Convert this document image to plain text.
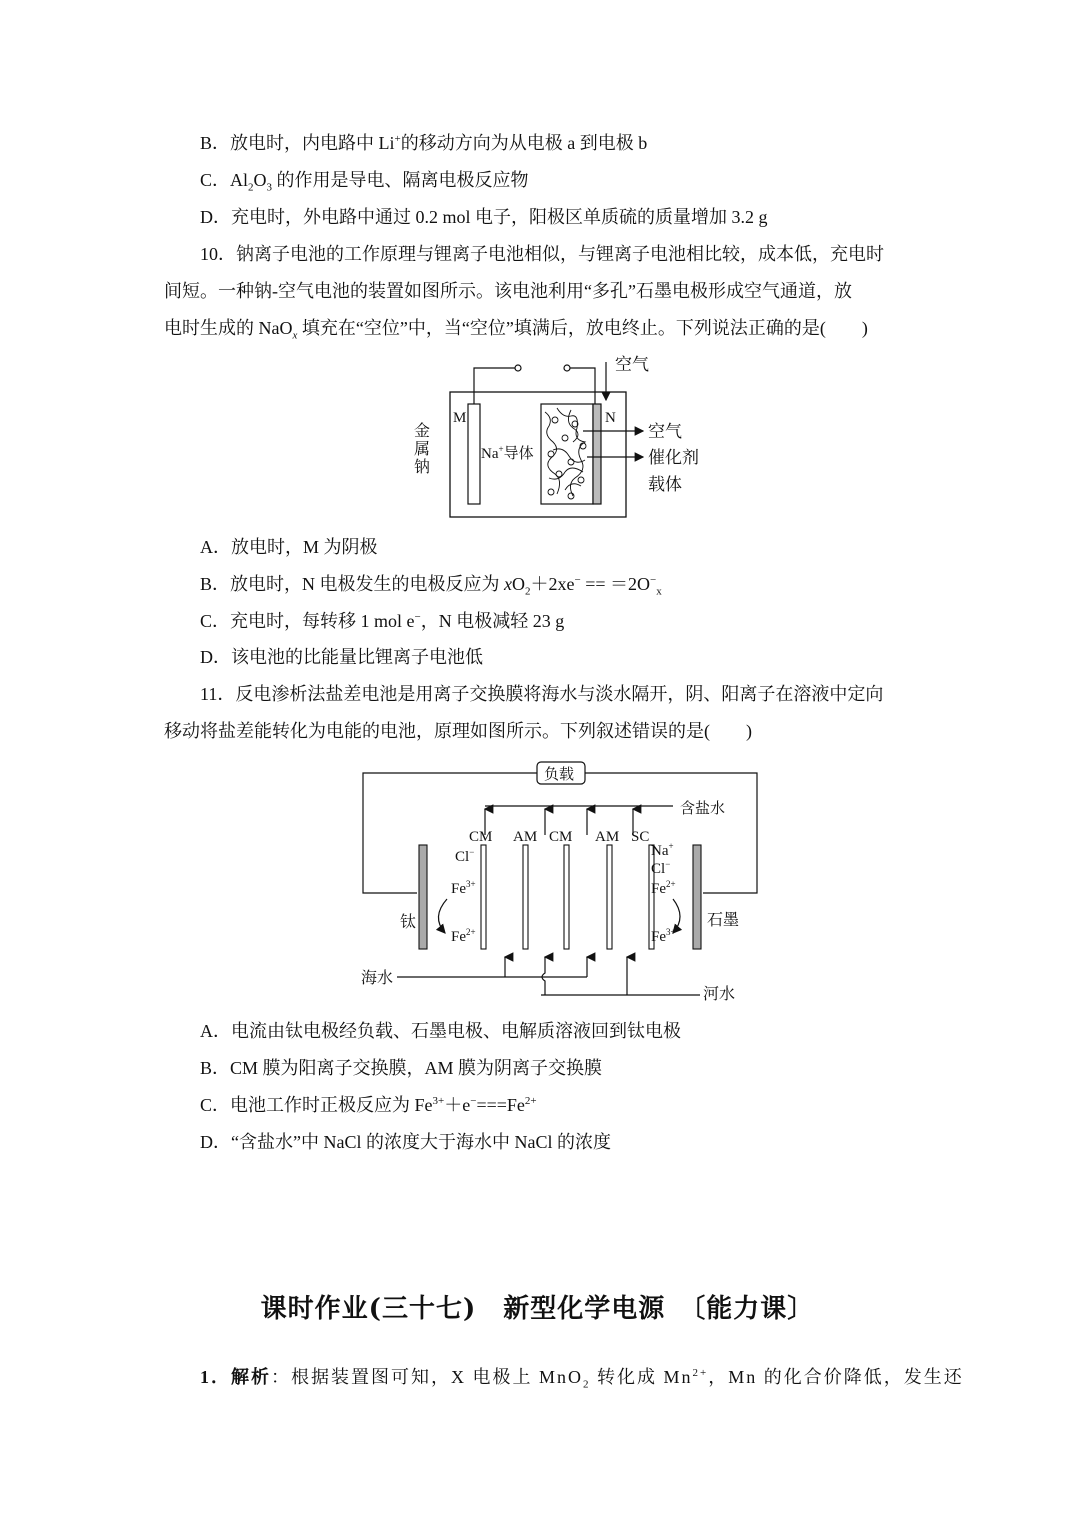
B．放电时，内电路中 Li+的移动方向为从电极 a 到电极 b
C．$Al_2O_3$ 的作用是导电、隔离电极反应物
D．充电时，外电路中通过 0.2 mol 电子，阳极区单质硫的质量增加 3.2 g
10．钠离子电池的工作原理与锂离子电池相似，与锂离子电池相比较，成本低，充电时
间短。一种钠-空气电池的装置如图所示。该电池利用“多孔”石墨电极形成空气通道，放
电时生成的 NaO$_x$ 填充在“空位”中，当“空位”填满后，放电终止。下列说法正确的是(　　)
空气
M	N
金
属
钠
Na+导体
空气
催化剂
载体
A．放电时，M 为阴极
B．放电时，N 电极发生的电极反应为 $xO_2+2xe^- == =2O^-_x$
C．充电时，每转移 1 mol e−，N 电极减轻 23 g
D．该电池的比能量比锂离子电池低
11．反电渗析法盐差电池是用离子交换膜将海水与淡水隔开，阴、阳离子在溶液中定向
移动将盐差能转化为电能的电池，原理如图所示。下列叙述错误的是(　　)
负载
含盐水
CM AM CM AM SC
Cl−
$Fe^{3+}$
$Fe^{2+}$
钛
Na+
Cl−
$Fe^{2+}$
$Fe^{3+}$
石墨
海水
河水
A．电流由钛电极经负载、石墨电极、电解质溶液回到钛电极
B．CM 膜为阳离子交换膜，AM 膜为阴离子交换膜
C．电池工作时正极反应为 $Fe^{3+}+e^-===Fe^{2+}$
D．“含盐水”中 NaCl 的浓度大于海水中 NaCl 的浓度
课时作业(三十七)　新型化学电源　 〔能力课〕
1．解析：根据装置图可知，X 电极上 MnO$_2$ 转化成 $Mn^{2+}$，Mn 的化合价降低，发生还
